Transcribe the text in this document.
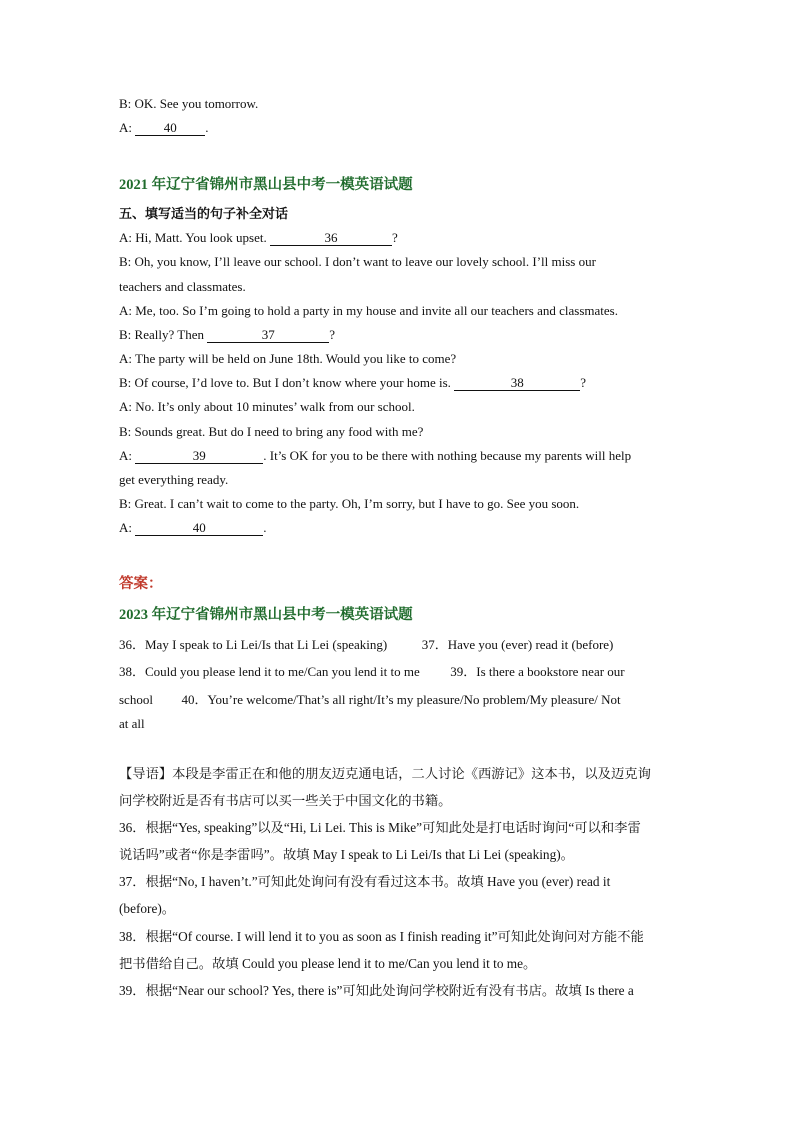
B: OK. See you tomorrow.
A: 40 .
2021 年辽宁省锦州市黑山县中考一模英语试题
五、填写适当的句子补全对话
A: Hi, Matt. You look upset.	36	?
B: Oh, you know, I’ll leave our school. I don’t want to leave our lovely school. I’ll miss our
teachers and classmates.
A: Me, too. So I’m going to hold a party in my house and invite all our teachers and classmates.
B: Really? Then	37	?
A: The party will be held on June 18th. Would you like to come?
B: Of course, I’d love to. But I don’t know where your home is.	38	?
A: No. It’s only about 10 minutes’ walk from our school.
B: Sounds great. But do I need to bring any food with me?
A:	39	. It’s OK for you to be there with nothing because my parents will help
get everything ready.
B: Great. I can’t wait to come to the party. Oh, I’m sorry, but I have to go. See you soon.
A:	40	.
答案：
2023 年辽宁省锦州市黑山县中考一模英语试题
36．May I speak to Li Lei/Is that Li Lei (speaking)	37．Have you (ever) read it (before)
38．Could you please lend it to me/Can you lend it to me 39．Is there a bookstore near our
school 40．You’re welcome/That’s all right/It’s my pleasure/No problem/My pleasure/ Not
at all
【导语】本段是李雷正在和他的朋友迈克通电话，二人讨论《西游记》这本书，以及迈克询
问学校附近是否有书店可以买一些关于中国文化的书籍。
36．根据“Yes, speaking”以及“Hi, Li Lei. This is Mike”可知此处是打电话时询问“可以和李雷
说话吗”或者“你是李雷吗”。故填 May I speak to Li Lei/Is that Li Lei (speaking)。
37．根据“No, I haven’t.”可知此处询问有没有看过这本书。故填 Have you (ever) read it
(before)。
38．根据“Of course. I will lend it to you as soon as I finish reading it”可知此处询问对方能不能
把书借给自己。故填 Could you please lend it to me/Can you lend it to me。
39．根据“Near our school? Yes, there is”可知此处询问学校附近有没有书店。故填 Is there a
